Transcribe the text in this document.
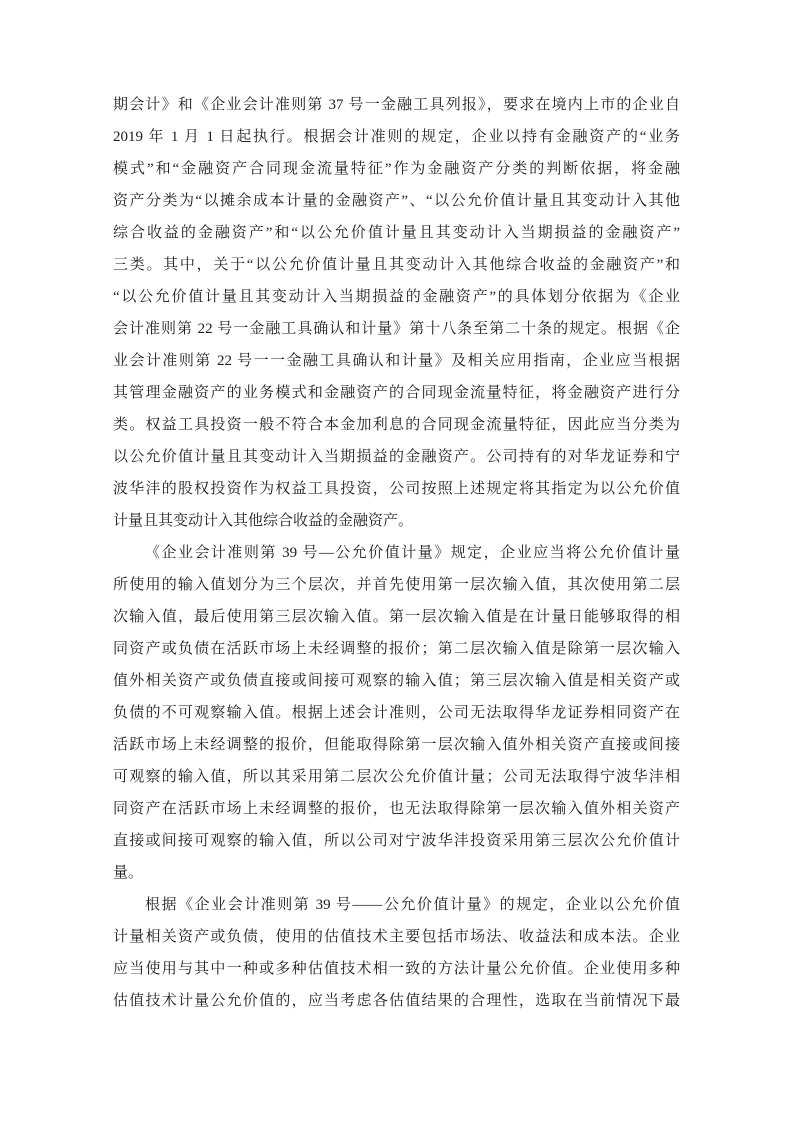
期会计》和《企业会计准则第 37 号一金融工具列报》，要求在境内上市的企业自
2019 年 1 月 1 日起执行。根据会计准则的规定，企业以持有金融资产的“业务
模式”和“金融资产合同现金流量特征”作为金融资产分类的判断依据，将金融
资产分类为“以摊余成本计量的金融资产”、“以公允价值计量且其变动计入其他
综合收益的金融资产”和“以公允价值计量且其变动计入当期损益的金融资产”
三类。其中，关于“以公允价值计量且其变动计入其他综合收益的金融资产”和
“以公允价值计量且其变动计入当期损益的金融资产”的具体划分依据为《企业
会计准则第 22 号一金融工具确认和计量》第十八条至第二十条的规定。根据《企
业会计准则第 22 号一一金融工具确认和计量》及相关应用指南，企业应当根据
其管理金融资产的业务模式和金融资产的合同现金流量特征，将金融资产进行分
类。权益工具投资一般不符合本金加利息的合同现金流量特征，因此应当分类为
以公允价值计量且其变动计入当期损益的金融资产。公司持有的对华龙证券和宁
波华沣的股权投资作为权益工具投资，公司按照上述规定将其指定为以公允价值
计量且其变动计入其他综合收益的金融资产。

《企业会计准则第 39 号—公允价值计量》规定，企业应当将公允价值计量
所使用的输入值划分为三个层次，并首先使用第一层次输入值，其次使用第二层
次输入值，最后使用第三层次输入值。第一层次输入值是在计量日能够取得的相
同资产或负债在活跃市场上未经调整的报价；第二层次输入值是除第一层次输入
值外相关资产或负债直接或间接可观察的输入值；第三层次输入值是相关资产或
负债的不可观察输入值。根据上述会计准则，公司无法取得华龙证券相同资产在
活跃市场上未经调整的报价，但能取得除第一层次输入值外相关资产直接或间接
可观察的输入值，所以其采用第二层次公允价值计量；公司无法取得宁波华沣相
同资产在活跃市场上未经调整的报价，也无法取得除第一层次输入值外相关资产
直接或间接可观察的输入值，所以公司对宁波华沣投资采用第三层次公允价值计
量。

根据《企业会计准则第 39 号——公允价值计量》的规定，企业以公允价值
计量相关资产或负债，使用的估值技术主要包括市场法、收益法和成本法。企业
应当使用与其中一种或多种估值技术相一致的方法计量公允价值。企业使用多种
估值技术计量公允价值的，应当考虑各估值结果的合理性，选取在当前情况下最
